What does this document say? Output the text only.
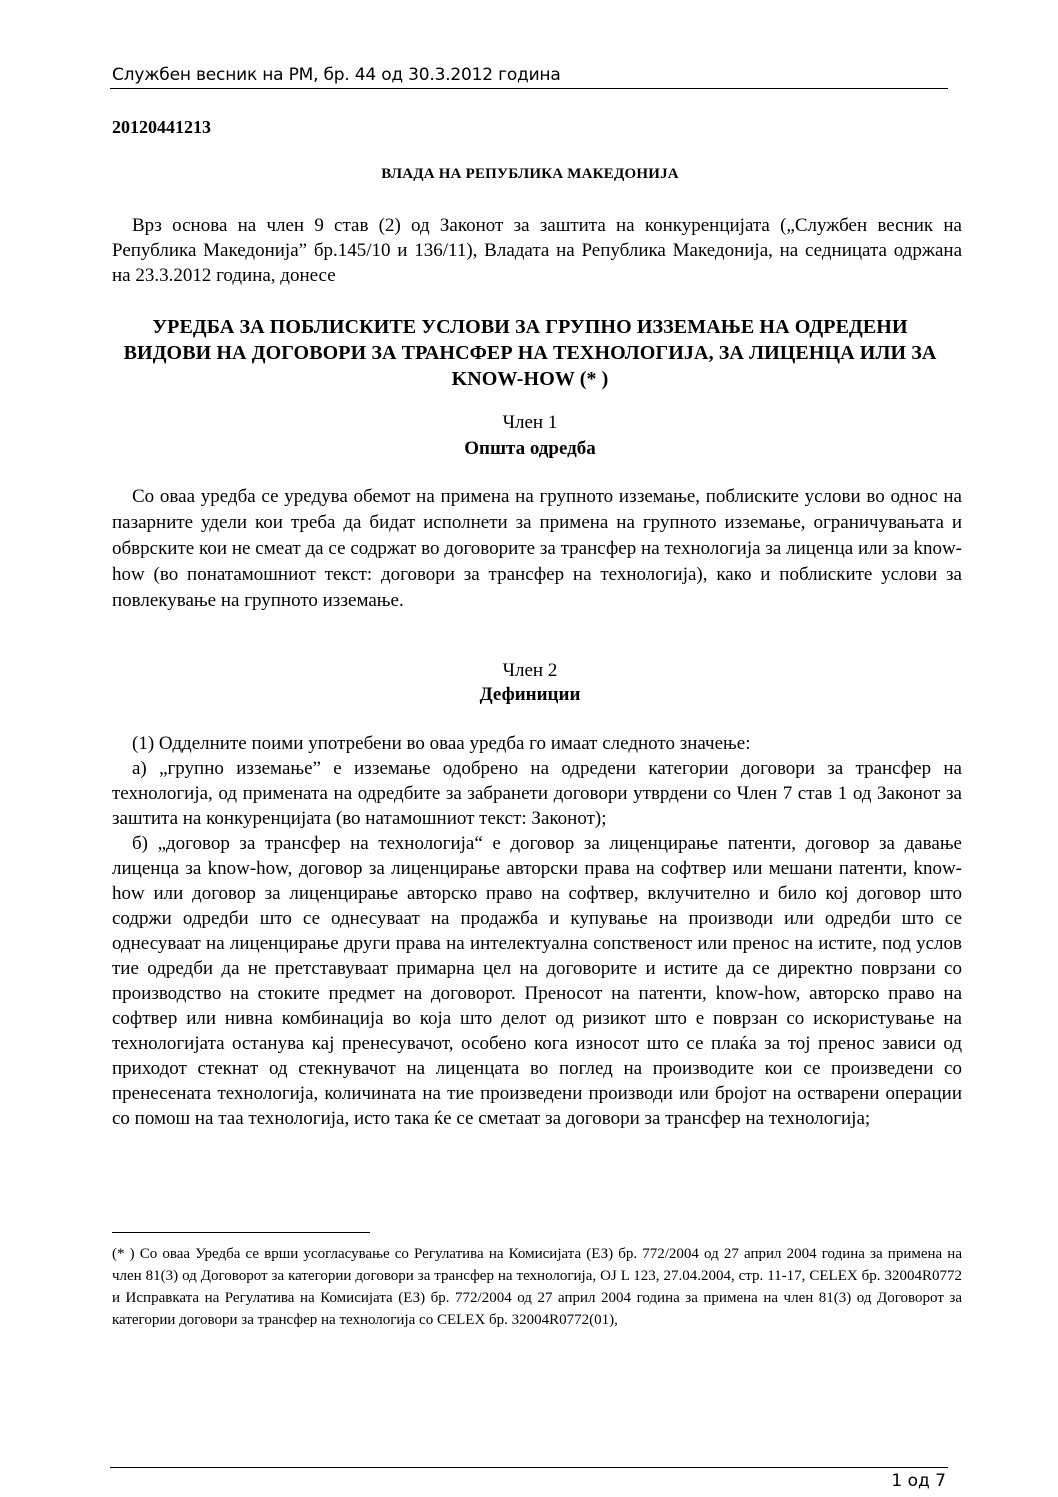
Службен весник на РМ, бр. 44 од 30.3.2012 година
20120441213
ВЛАДА НА РЕПУБЛИКА МАКЕДОНИЈА
Врз основа на член 9 став (2) од Законот за заштита на конкуренцијата („Службен весник на Република Македонија” бр.145/10 и 136/11), Владата на Република Македонија, на седницата одржана на 23.3.2012 година, донесе
УРЕДБА ЗА ПОБЛИСКИТЕ УСЛОВИ ЗА ГРУПНО ИЗЗЕМАЊЕ НА ОДРЕДЕНИ ВИДОВИ НА ДОГОВОРИ ЗА ТРАНСФЕР НА ТЕХНОЛОГИЈА, ЗА ЛИЦЕНЦА ИЛИ ЗА KNOW-HOW (* )
Член 1
Општа одредба
Со оваа уредба се уредува обемот на примена на групното изземање, поблиските услови во однос на пазарните удели кои треба да бидат исполнети за примена на групното изземање, ограничувањата и обврските кои не смеат да се содржат во договорите за трансфер на технологија за лиценца или за know-how (во понатамошниот текст: договори за трансфер на технологија), како и поблиските услови за повлекување на групното изземање.
Член 2
Дефиниции
(1) Одделните поими употребени во оваа уредба го имаат следното значење:
а) „групно изземање” е изземање одобрено на одредени категории договори за трансфер на технологија, од примената на одредбите за забранети договори утврдени со Член 7 став 1 од Законот за заштита на конкуренцијата (во натамошниот текст: Законот);
б) „договор за трансфер на технологија“ е договор за лиценцирање патенти, договор за давање лиценца за know-how, договор за лиценцирање авторски права на софтвер или мешани патенти, know-how или договор за лиценцирање авторско право на софтвер, вклучително и било кој договор што содржи одредби што се однесуваат на продажба и купување на производи или одредби што се однесуваат на лиценцирање други права на интелектуална сопственост или пренос на истите, под услов тие одредби да не претставуваат примарна цел на договорите и истите да се директно поврзани со производство на стоките предмет на договорот. Преносот на патенти, know-how, авторско право на софтвер или нивна комбинација во која што делот од ризикот што е поврзан со искористување на технологијата останува кај пренесувачот, особено кога износот што се плаќа за тој пренос зависи од приходот стекнат од стекнувачот на лиценцата во поглед на производите кои се произведени со пренесената технологија, количината на тие произведени производи или бројот на остварени операции со помош на таа технологија, исто така ќе се сметаат за договори за трансфер на технологија;
(* ) Со оваа Уредба се врши усогласување со Регулатива на Комисијата (ЕЗ) бр. 772/2004 од 27 април 2004 година за примена на член 81(3) од Договорот за категории договори за трансфер на технологија, OJ L 123, 27.04.2004, стр. 11-17, CELEX бр. 32004R0772 и Исправката на Регулатива на Комисијата (ЕЗ) бр. 772/2004 од 27 април 2004 година за примена на член 81(3) од Договорот за категории договори за трансфер на технологија со CELEX бр. 32004R0772(01),
1 од 7
